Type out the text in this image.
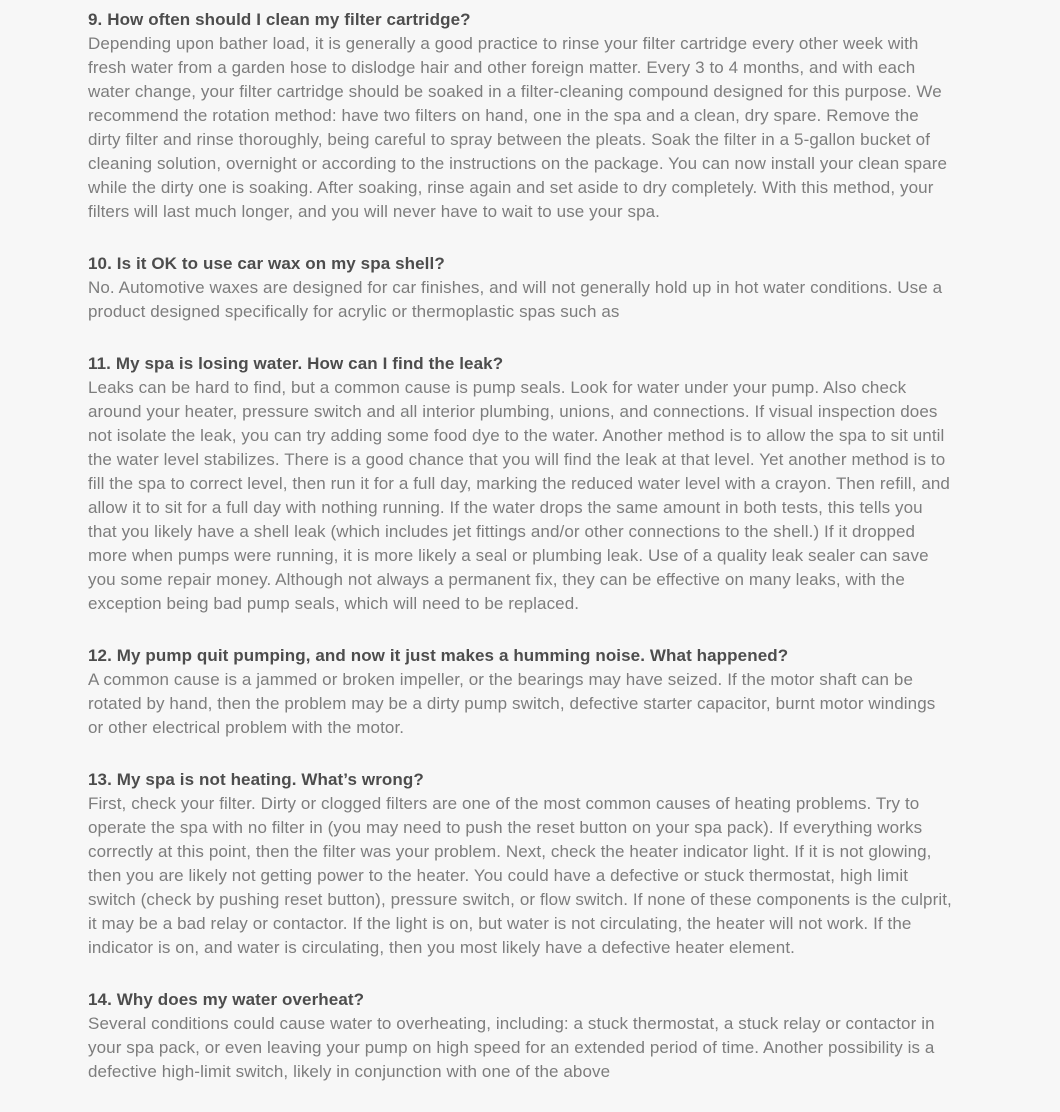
9. How often should I clean my filter cartridge?

Depending upon bather load, it is generally a good practice to rinse your filter cartridge every other week with fresh water from a garden hose to dislodge hair and other foreign matter. Every 3 to 4 months, and with each water change, your filter cartridge should be soaked in a filter-cleaning compound designed for this purpose. We recommend the rotation method: have two filters on hand, one in the spa and a clean, dry spare. Remove the dirty filter and rinse thoroughly, being careful to spray between the pleats. Soak the filter in a 5-gallon bucket of cleaning solution, overnight or according to the instructions on the package. You can now install your clean spare while the dirty one is soaking. After soaking, rinse again and set aside to dry completely. With this method, your filters will last much longer, and you will never have to wait to use your spa.

10. Is it OK to use car wax on my spa shell?

No. Automotive waxes are designed for car finishes, and will not generally hold up in hot water conditions. Use a product designed specifically for acrylic or thermoplastic spas such as

11. My spa is losing water. How can I find the leak?

Leaks can be hard to find, but a common cause is pump seals. Look for water under your pump. Also check around your heater, pressure switch and all interior plumbing, unions, and connections. If visual inspection does not isolate the leak, you can try adding some food dye to the water. Another method is to allow the spa to sit until the water level stabilizes. There is a good chance that you will find the leak at that level. Yet another method is to fill the spa to correct level, then run it for a full day, marking the reduced water level with a crayon. Then refill, and allow it to sit for a full day with nothing running. If the water drops the same amount in both tests, this tells you that you likely have a shell leak (which includes jet fittings and/or other connections to the shell.) If it dropped more when pumps were running, it is more likely a seal or plumbing leak. Use of a quality leak sealer can save you some repair money. Although not always a permanent fix, they can be effective on many leaks, with the exception being bad pump seals, which will need to be replaced.

12. My pump quit pumping, and now it just makes a humming noise. What happened?

A common cause is a jammed or broken impeller, or the bearings may have seized. If the motor shaft can be rotated by hand, then the problem may be a dirty pump switch, defective starter capacitor, burnt motor windings or other electrical problem with the motor.

13. My spa is not heating. What’s wrong?

First, check your filter. Dirty or clogged filters are one of the most common causes of heating problems. Try to operate the spa with no filter in (you may need to push the reset button on your spa pack). If everything works correctly at this point, then the filter was your problem. Next, check the heater indicator light. If it is not glowing, then you are likely not getting power to the heater. You could have a defective or stuck thermostat, high limit switch (check by pushing reset button), pressure switch, or flow switch. If none of these components is the culprit, it may be a bad relay or contactor. If the light is on, but water is not circulating, the heater will not work. If the indicator is on, and water is circulating, then you most likely have a defective heater element.

14. Why does my water overheat?

Several conditions could cause water to overheating, including: a stuck thermostat, a stuck relay or contactor in your spa pack, or even leaving your pump on high speed for an extended period of time. Another possibility is a defective high-limit switch, likely in conjunction with one of the above
